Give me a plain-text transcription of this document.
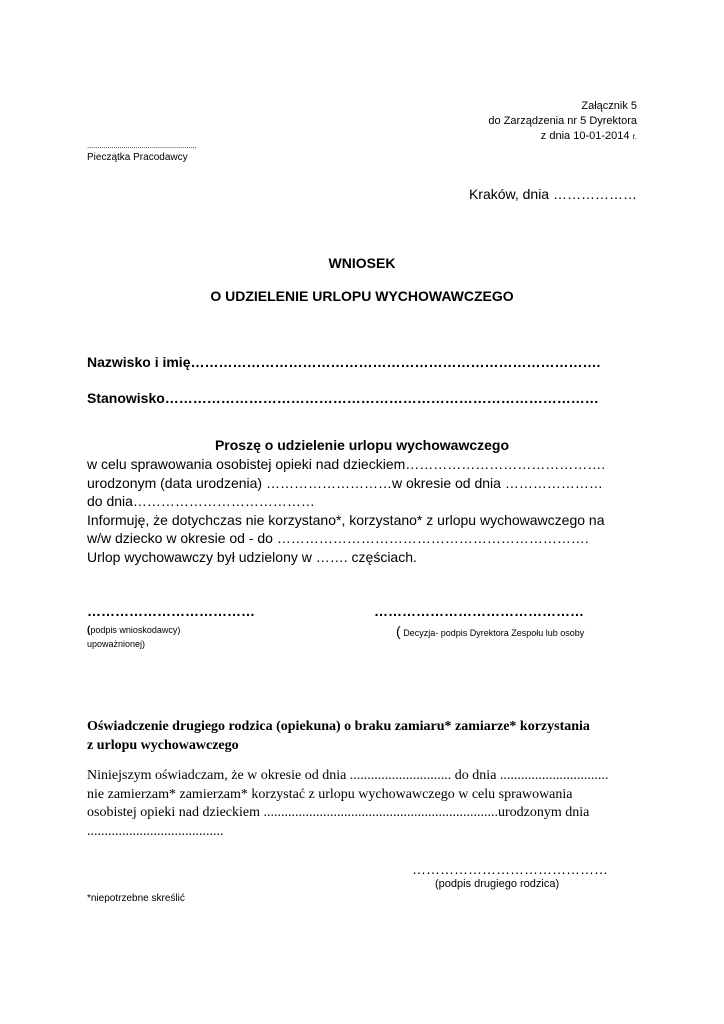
Załącznik 5
do Zarządzenia nr 5 Dyrektora
z dnia 10-01-2014 r.
......................................................
Pieczątka Pracodawcy
Kraków, dnia ………………
WNIOSEK
O UDZIELENIE URLOPU WYCHOWAWCZEGO
Nazwisko i imię…………………………………………………………………………….
Stanowisko…………………………………………………………………………………
Proszę o udzielenie urlopu wychowawczego
w celu sprawowania osobistej opieki nad dzieckiem…………………………………….
urodzonym (data urodzenia) ………………………w okresie od dnia …………………
do dnia…………………………………
Informuję, że dotychczas nie korzystano*, korzystano* z urlopu wychowawczego na
w/w dziecko w okresie od - do ………………………………………………………….
Urlop wychowawczy był udzielony w ……. częściach.
………………………………
(podpis wnioskodawcy)
upoważnionej)
………………………………………
( Decyzja- podpis Dyrektora Zespołu lub osoby
Oświadczenie drugiego rodzica (opiekuna) o braku zamiaru* zamiarze* korzystania
z urlopu wychowawczego
Niniejszym oświadczam, że w okresie od dnia ............................. do dnia ...............................
nie zamierzam* zamierzam* korzystać z urlopu wychowawczego w celu sprawowania
osobistej opieki nad dzieckiem ...................................................................urodzonym dnia
.......................................
……………………………………
(podpis drugiego rodzica)
*niepotrzebne skreślić
